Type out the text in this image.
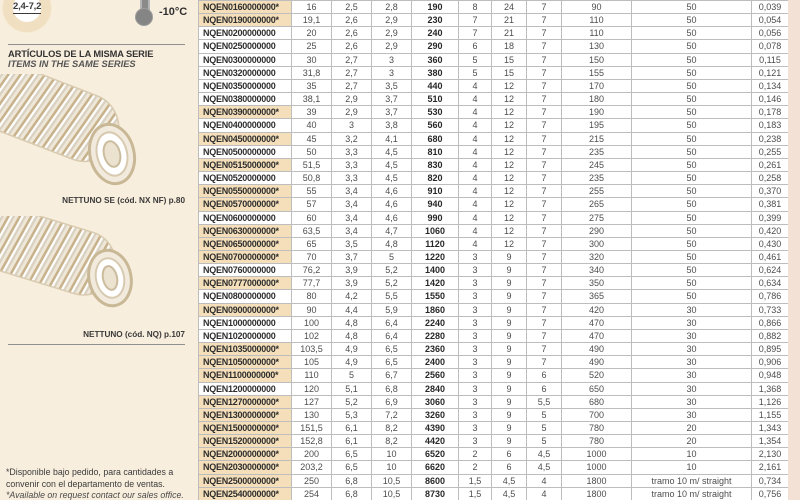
2,4-7,2	-10°C
ARTÍCULOS DE LA MISMA SERIE
ITEMS IN THE SAME SERIES
NETTUNO SE (cód. NX NF) p.80
NETTUNO (cód. NQ) p.107
*Disponible bajo pedido, para cantidades a convenir con el departamento de ventas.
*Available on request contact our sales office.
NQEN0160000000*	16	2,5	2,8	190	8	24	7	90	50	0,039
NQEN0190000000*	19,1	2,6	2,9	230	7	21	7	110	50	0,054
NQEN0200000000	20	2,6	2,9	240	7	21	7	110	50	0,056
NQEN0250000000	25	2,6	2,9	290	6	18	7	130	50	0,078
NQEN0300000000	30	2,7	3	360	5	15	7	150	50	0,115
NQEN0320000000	31,8	2,7	3	380	5	15	7	155	50	0,121
NQEN0350000000	35	2,7	3,5	440	4	12	7	170	50	0,134
NQEN0380000000	38,1	2,9	3,7	510	4	12	7	180	50	0,146
NQEN0390000000*	39	2,9	3,7	530	4	12	7	190	50	0,178
NQEN0400000000	40	3	3,8	560	4	12	7	195	50	0,183
NQEN0450000000*	45	3,2	4,1	680	4	12	7	215	50	0,238
NQEN0500000000	50	3,3	4,5	810	4	12	7	235	50	0,255
NQEN0515000000*	51,5	3,3	4,5	830	4	12	7	245	50	0,261
NQEN0520000000	50,8	3,3	4,5	820	4	12	7	235	50	0,258
NQEN0550000000*	55	3,4	4,6	910	4	12	7	255	50	0,370
NQEN0570000000*	57	3,4	4,6	940	4	12	7	265	50	0,381
NQEN0600000000	60	3,4	4,6	990	4	12	7	275	50	0,399
NQEN0630000000*	63,5	3,4	4,7	1060	4	12	7	290	50	0,420
NQEN0650000000*	65	3,5	4,8	1120	4	12	7	300	50	0,430
NQEN0700000000*	70	3,7	5	1220	3	9	7	320	50	0,461
NQEN0760000000	76,2	3,9	5,2	1400	3	9	7	340	50	0,624
NQEN0777000000*	77,7	3,9	5,2	1420	3	9	7	350	50	0,634
NQEN0800000000	80	4,2	5,5	1550	3	9	7	365	50	0,786
NQEN0900000000*	90	4,4	5,9	1860	3	9	7	420	30	0,733
NQEN1000000000	100	4,8	6,4	2240	3	9	7	470	30	0,866
NQEN1020000000	102	4,8	6,4	2280	3	9	7	470	30	0,882
NQEN1035000000*	103,5	4,9	6,5	2360	3	9	7	490	30	0,895
NQEN1050000000*	105	4,9	6,5	2400	3	9	7	490	30	0,906
NQEN1100000000*	110	5	6,7	2560	3	9	6	520	30	0,948
NQEN1200000000	120	5,1	6,8	2840	3	9	6	650	30	1,368
NQEN1270000000*	127	5,2	6,9	3060	3	9	5,5	680	30	1,126
NQEN1300000000*	130	5,3	7,2	3260	3	9	5	700	30	1,155
NQEN1500000000*	151,5	6,1	8,2	4390	3	9	5	780	20	1,343
NQEN1520000000*	152,8	6,1	8,2	4420	3	9	5	780	20	1,354
NQEN2000000000*	200	6,5	10	6520	2	6	4,5	1000	10	2,130
NQEN2030000000*	203,2	6,5	10	6620	2	6	4,5	1000	10	2,161
NQEN2500000000*	250	6,8	10,5	8600	1,5	4,5	4	1800	tramo 10 m/ straight	0,734
NQEN2540000000*	254	6,8	10,5	8730	1,5	4,5	4	1800	tramo 10 m/ straight	0,756
